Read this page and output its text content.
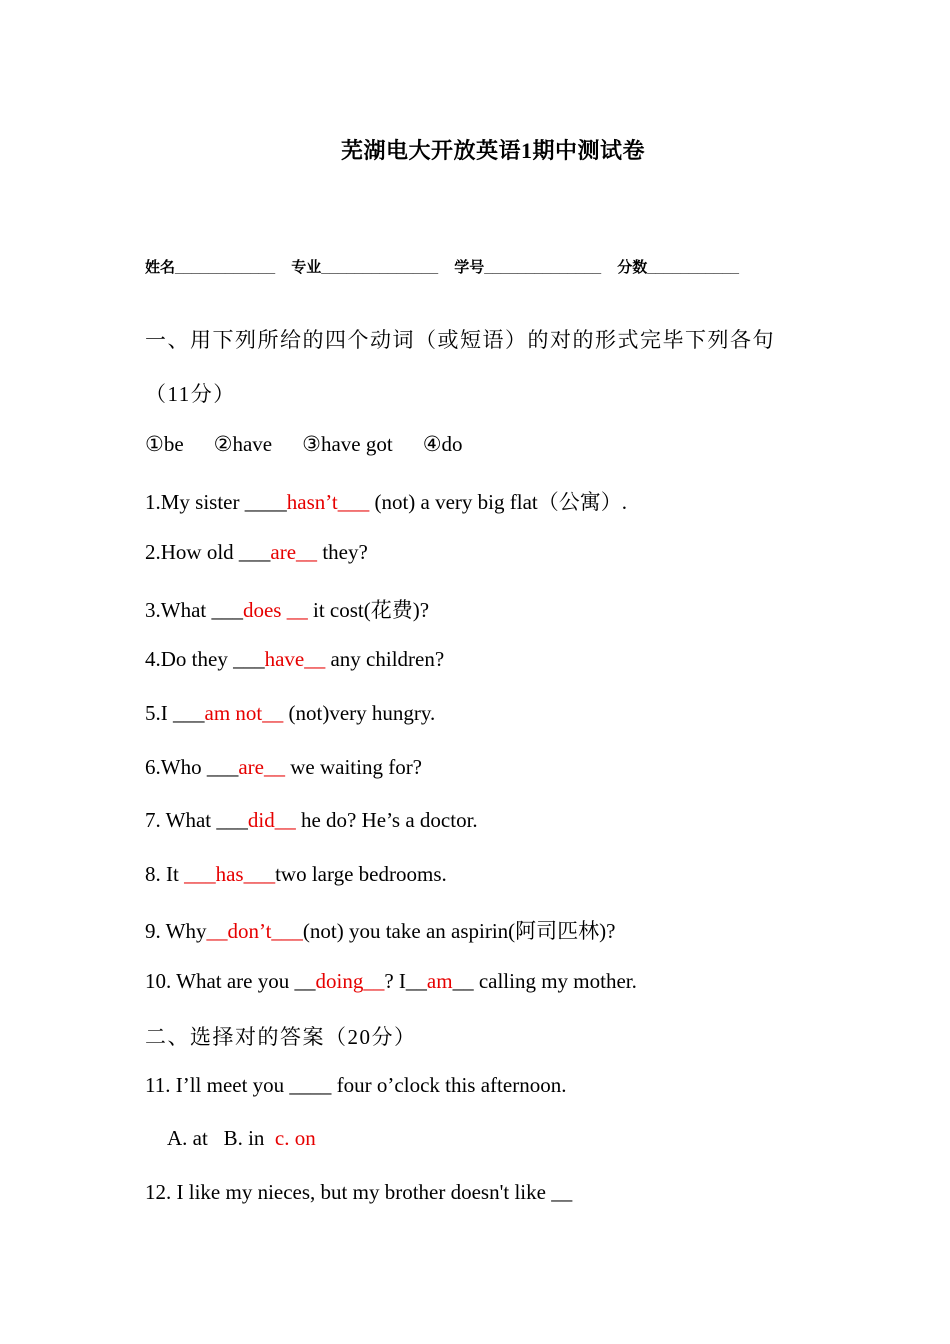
芜湖电大开放英语1期中测试卷
姓名____________ 专业______________ 学号______________ 分数___________
一、用下列所给的四个动词（或短语）的对的形式完毕下列各句
（11分）
①be ②have ③have got ④do
1.My sister ____hasn’t___ (not) a very big flat（公寓）.
2.How old ___are__ they?
3.What ___does __ it cost(花费)?
4.Do they ___have__ any children?
5.I ___am not__ (not)very hungry.
6.Who ___are__ we waiting for?
7. What ___did__ he do? He’s a doctor.
8. It ___has___two large bedrooms.
9. Why__don’t___(not) you take an aspirin(阿司匹林)?
10. What are you __doing__? I__am__ calling my mother.
二、选择对的答案（20分）
11. I’ll meet you ____ four o’clock this afternoon.
A. at B. in c. on
12. I like my nieces, but my brother doesn't like __
